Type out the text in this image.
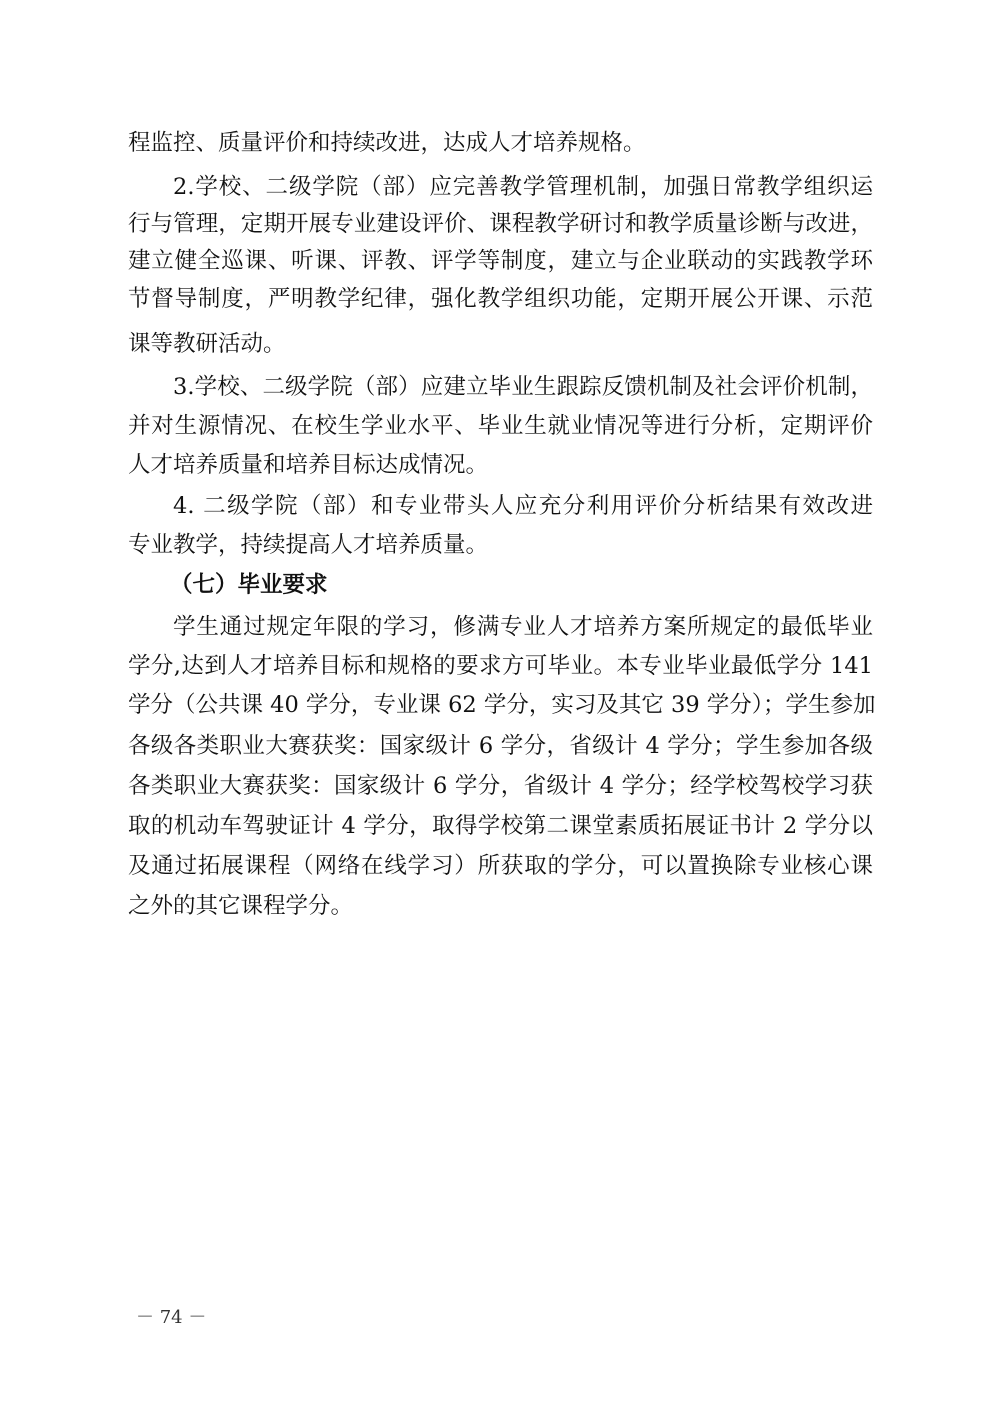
程监控、质量评价和持续改进，达成人才培养规格。
2.学校、二级学院（部）应完善教学管理机制，加强日常教学组织运
行与管理，定期开展专业建设评价、课程教学研讨和教学质量诊断与改进，
建立健全巡课、听课、评教、评学等制度，建立与企业联动的实践教学环
节督导制度，严明教学纪律，强化教学组织功能，定期开展公开课、示范
课等教研活动。
3.学校、二级学院（部）应建立毕业生跟踪反馈机制及社会评价机制，
并对生源情况、在校生学业水平、毕业生就业情况等进行分析，定期评价
人才培养质量和培养目标达成情况。
4. 二级学院（部）和专业带头人应充分利用评价分析结果有效改进
专业教学，持续提高人才培养质量。
（七）毕业要求
学生通过规定年限的学习，修满专业人才培养方案所规定的最低毕业
学分,达到人才培养目标和规格的要求方可毕业。本专业毕业最低学分 141
学分（公共课 40 学分，专业课 62 学分，实习及其它 39 学分）；学生参加
各级各类职业大赛获奖：国家级计 6 学分，省级计 4 学分；学生参加各级
各类职业大赛获奖：国家级计 6 学分，省级计 4 学分；经学校驾校学习获
取的机动车驾驶证计 4 学分，取得学校第二课堂素质拓展证书计 2 学分以
及通过拓展课程（网络在线学习）所获取的学分，可以置换除专业核心课
之外的其它课程学分。
－ 74 －
